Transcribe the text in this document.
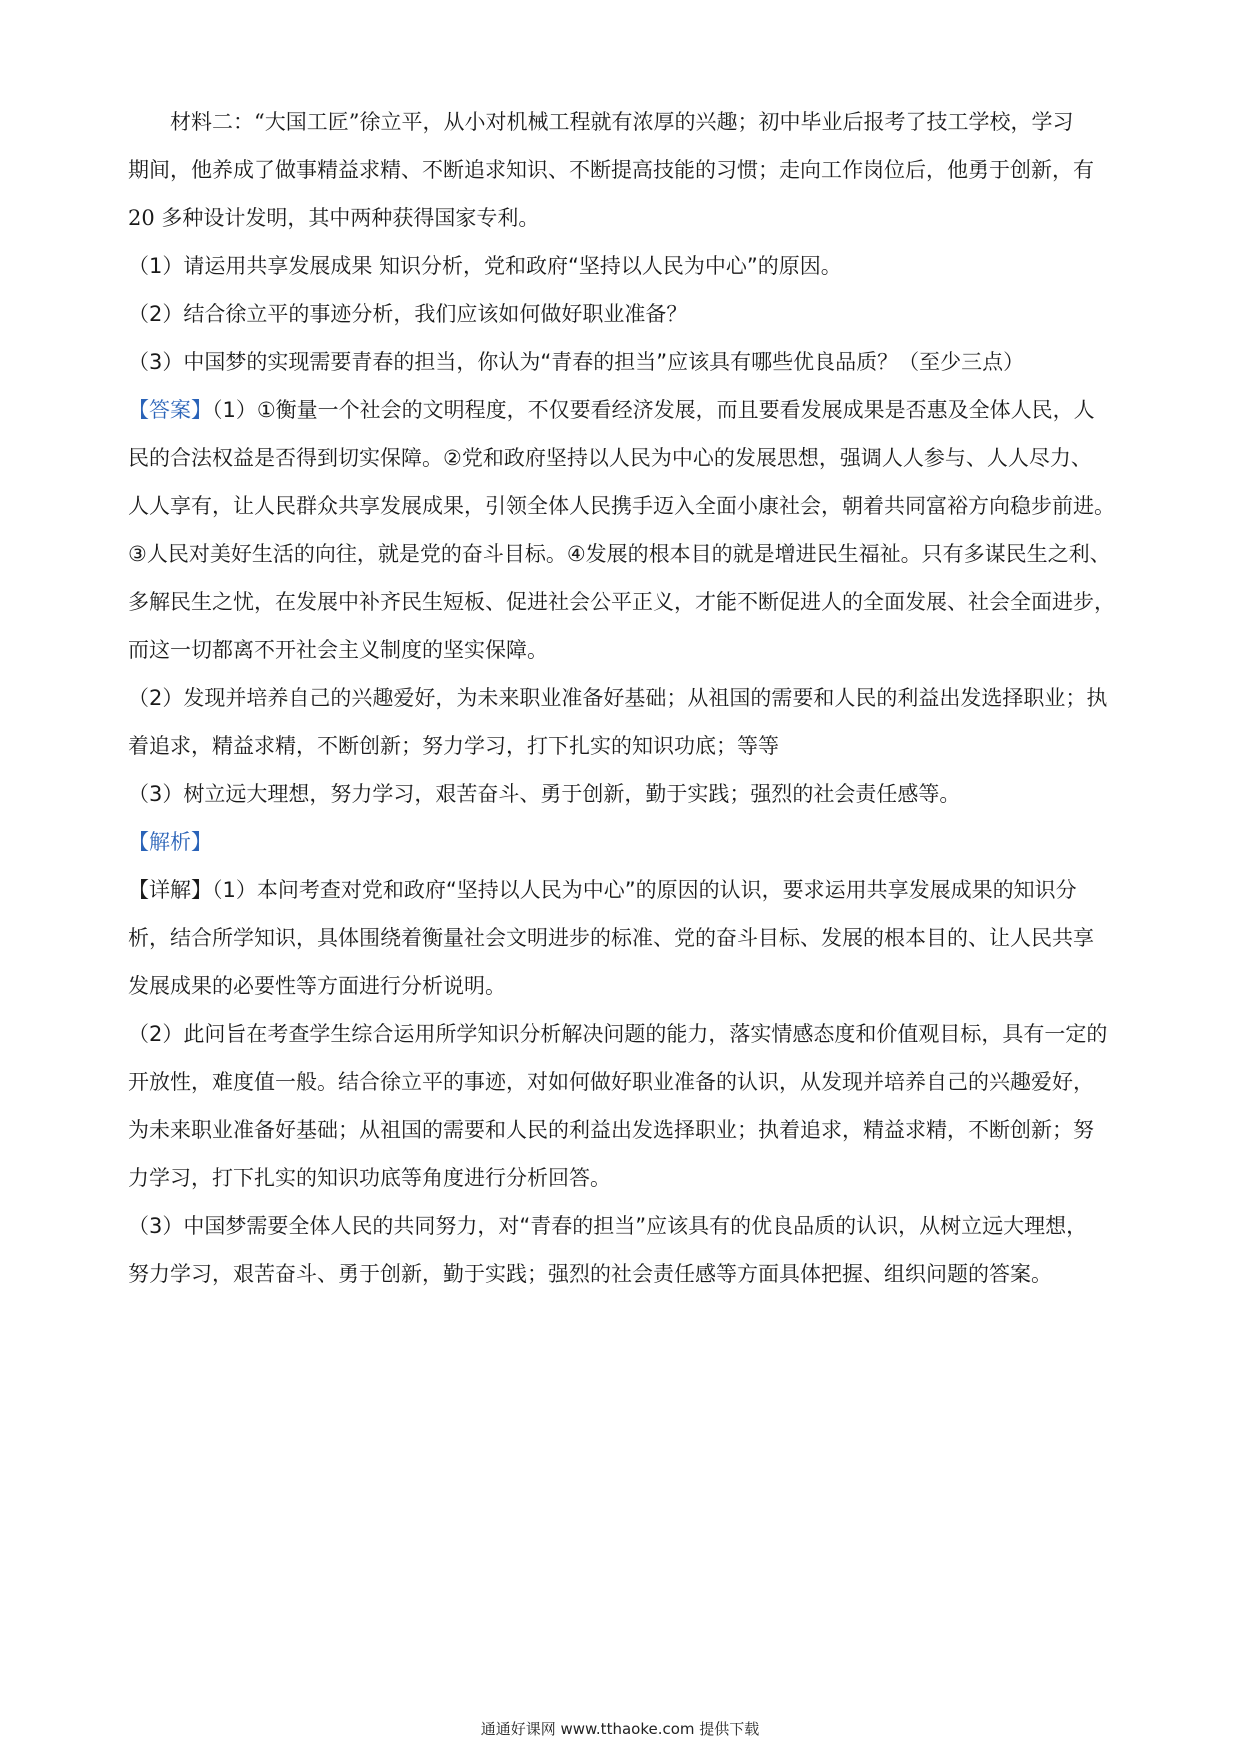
材料二：“大国工匠”徐立平，从小对机械工程就有浓厚的兴趣；初中毕业后报考了技工学校，学习
期间，他养成了做事精益求精、不断追求知识、不断提高技能的习惯；走向工作岗位后，他勇于创新，有
20 多种设计发明，其中两种获得国家专利。
（1）请运用共享发展成果 知识分析，党和政府“坚持以人民为中心”的原因。
（2）结合徐立平的事迹分析，我们应该如何做好职业准备？
（3）中国梦的实现需要青春的担当，你认为“青春的担当”应该具有哪些优良品质？（至少三点）
【答案】（1）①衡量一个社会的文明程度，不仅要看经济发展，而且要看发展成果是否惠及全体人民，人
民的合法权益是否得到切实保障。②党和政府坚持以人民为中心的发展思想，强调人人参与、人人尽力、
人人享有，让人民群众共享发展成果，引领全体人民携手迈入全面小康社会，朝着共同富裕方向稳步前进。
③人民对美好生活的向往，就是党的奋斗目标。④发展的根本目的就是增进民生福祉。只有多谋民生之利、
多解民生之忧，在发展中补齐民生短板、促进社会公平正义，才能不断促进人的全面发展、社会全面进步，
而这一切都离不开社会主义制度的坚实保障。
（2）发现并培养自己的兴趣爱好，为未来职业准备好基础；从祖国的需要和人民的利益出发选择职业；执
着追求，精益求精，不断创新；努力学习，打下扎实的知识功底；等等
（3）树立远大理想，努力学习，艰苦奋斗、勇于创新，勤于实践；强烈的社会责任感等。
【解析】
【详解】（1）本问考查对党和政府“坚持以人民为中心”的原因的认识，要求运用共享发展成果的知识分
析，结合所学知识，具体围绕着衡量社会文明进步的标准、党的奋斗目标、发展的根本目的、让人民共享
发展成果的必要性等方面进行分析说明。
（2）此问旨在考查学生综合运用所学知识分析解决问题的能力，落实情感态度和价值观目标，具有一定的
开放性，难度值一般。结合徐立平的事迹，对如何做好职业准备的认识，从发现并培养自己的兴趣爱好，
为未来职业准备好基础；从祖国的需要和人民的利益出发选择职业；执着追求，精益求精，不断创新；努
力学习，打下扎实的知识功底等角度进行分析回答。
（3）中国梦需要全体人民的共同努力，对“青春的担当”应该具有的优良品质的认识，从树立远大理想，
努力学习，艰苦奋斗、勇于创新，勤于实践；强烈的社会责任感等方面具体把握、组织问题的答案。
通通好课网 www.tthaoke.com 提供下载
